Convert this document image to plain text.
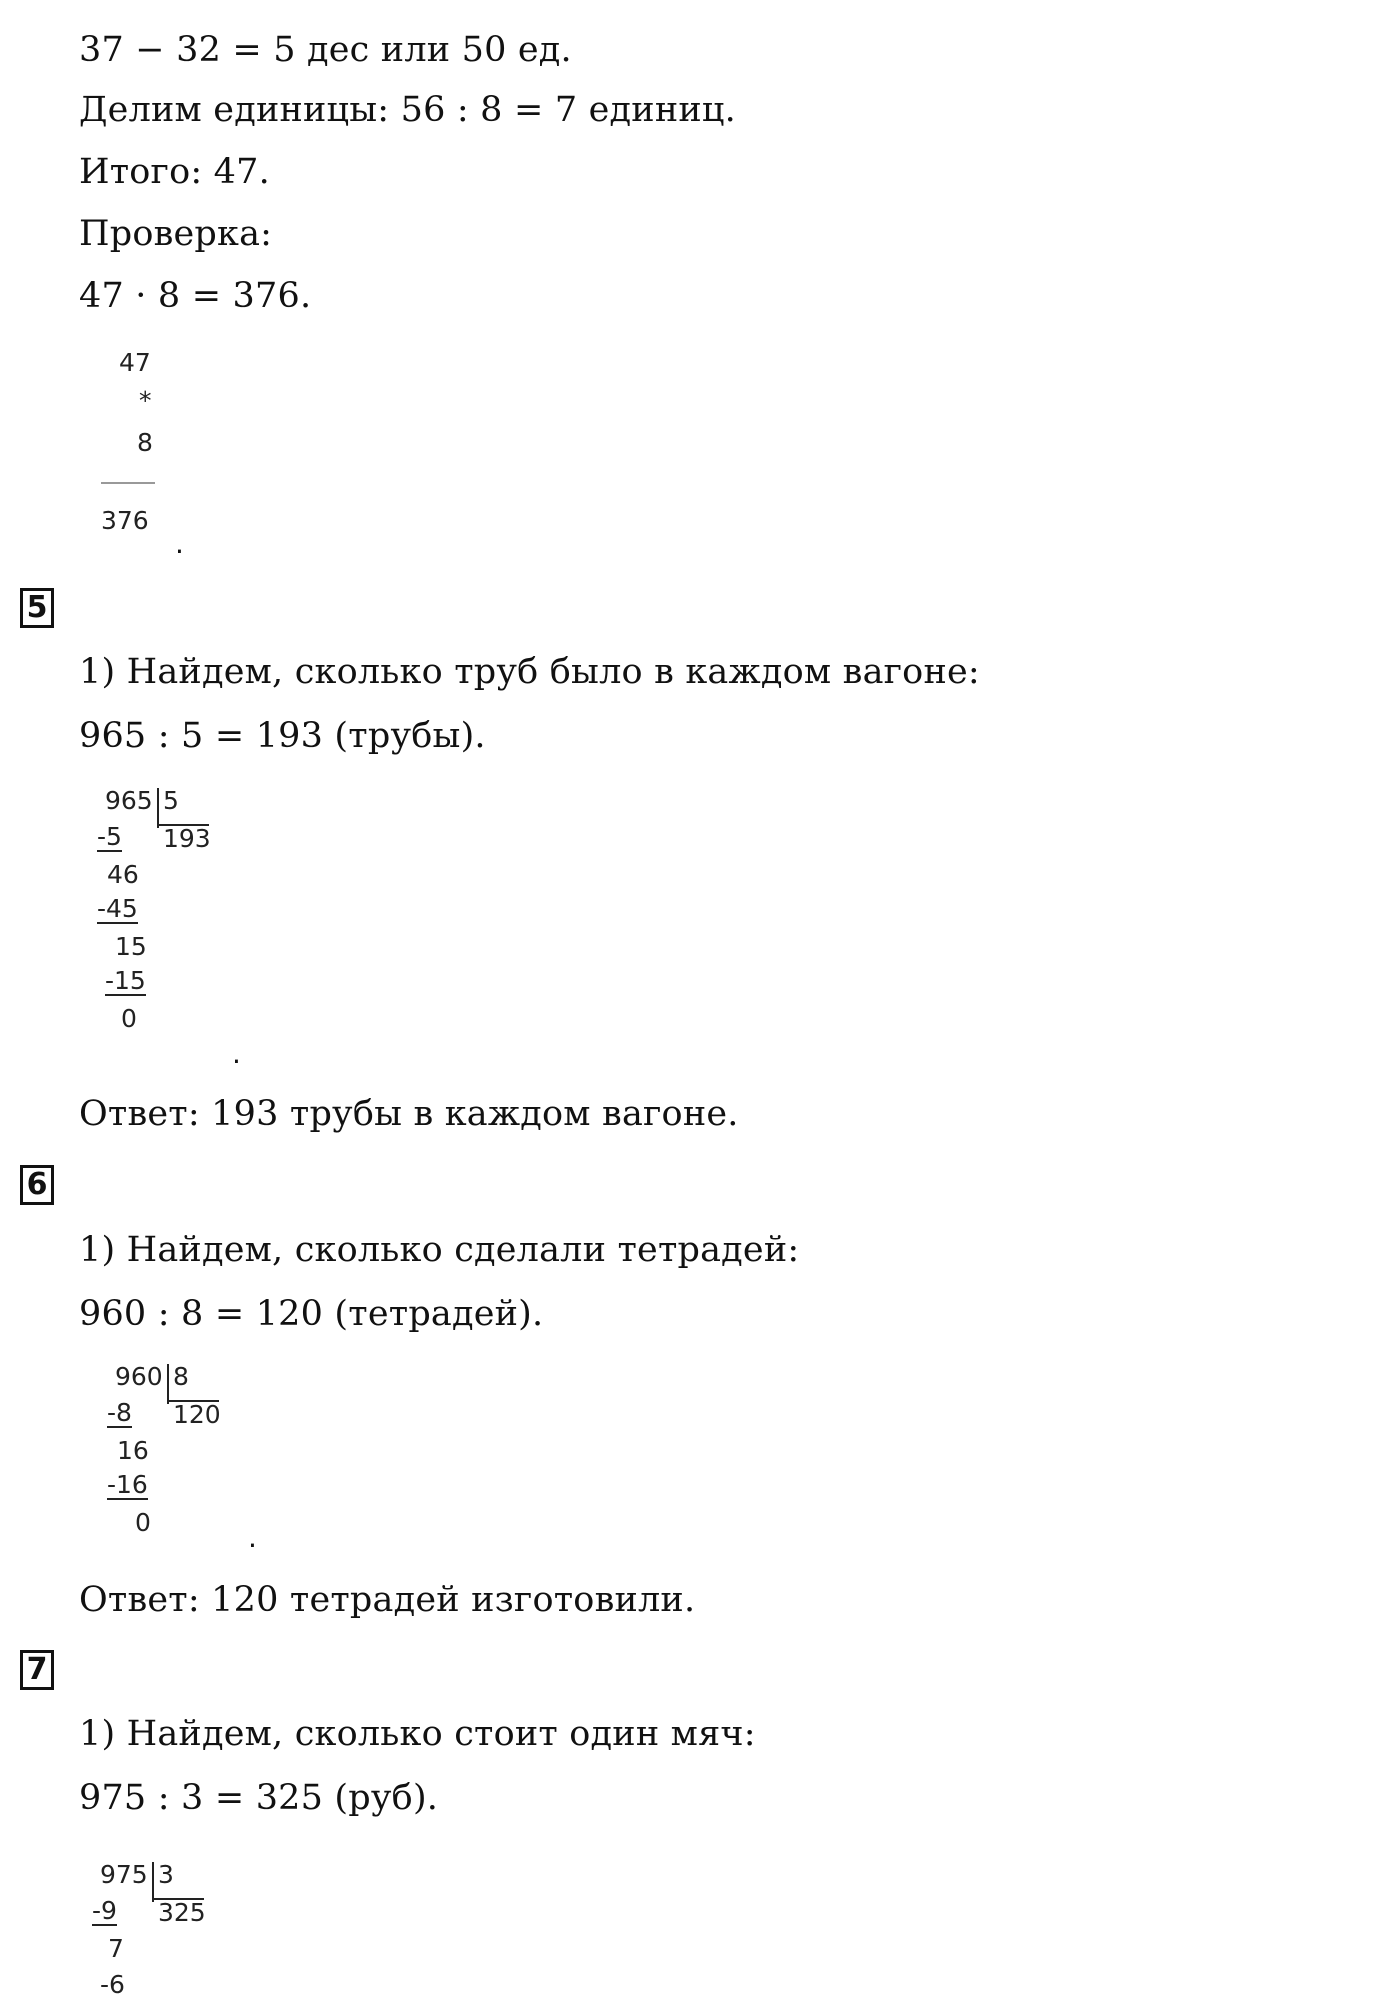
37 − 32 = 5 дес или 50 ед.
Делим единицы: 56 : 8 = 7 единиц.
Итого: 47.
Проверка:
47 · 8 = 376.
47
*
8
376
.
5
1) Найдем, сколько труб было в каждом вагоне:
965 : 5 = 193 (трубы).
965 5
193
-5
46
-45
15
-15
0
.
Ответ: 193 трубы в каждом вагоне.
6
1) Найдем, сколько сделали тетрадей:
960 : 8 = 120 (тетрадей).
960 8
120
-8
16
-16
0	.
Ответ: 120 тетрадей изготовили.
7
1) Найдем, сколько стоит один мяч:
975 : 3 = 325 (руб).
975 3
325
-9
7
-6
